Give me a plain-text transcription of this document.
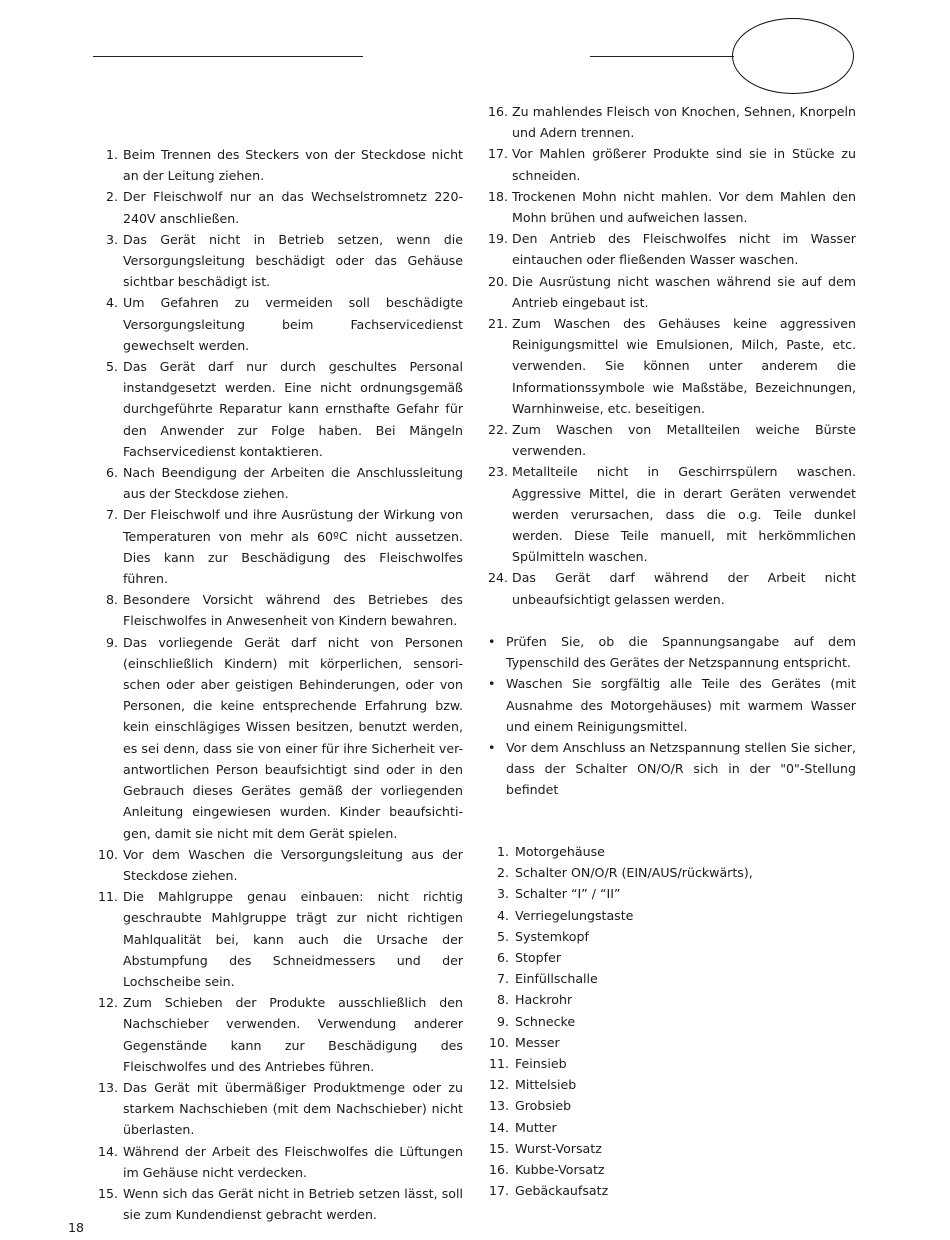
1. Beim Trennen des Steckers von der Steckdose nicht an der Leitung ziehen.
2. Der Fleischwolf nur an das Wechselstromnetz 220-240V anschließen.
3. Das Gerät nicht in Betrieb setzen, wenn die Versorgungsleitung beschädigt oder das Gehäuse sichtbar beschädigt ist.
4. Um Gefahren zu vermeiden soll beschädigte Versorgungsleitung beim Fachservicedienst gewechselt werden.
5. Das Gerät darf nur durch geschultes Personal instandgesetzt werden. Eine nicht ordnungsgemäß durchgeführte Reparatur kann ernsthafte Gefahr für den Anwender zur Folge haben. Bei Mängeln Fachservicedienst kontaktieren.
6. Nach Beendigung der Arbeiten die Anschlussleitung aus der Steckdose ziehen.
7. Der Fleischwolf und ihre Ausrüstung der Wirkung von Temperaturen von mehr als 60ºC nicht aussetzen. Dies kann zur Beschädigung des Fleischwolfes führen.
8. Besondere Vorsicht während des Betriebes des Fleischwolfes in Anwesenheit von Kindern bewahren.
9. Das vorliegende Gerät darf nicht von Personen (einschließlich Kindern) mit körperlichen, sensori-schen oder aber geistigen Behinderungen, oder von Personen, die keine entsprechende Erfahrung bzw. kein einschlägiges Wissen besitzen, benutzt werden, es sei denn, dass sie von einer für ihre Sicherheit ver-antwortlichen Person beaufsichtigt sind oder in den Gebrauch dieses Gerätes gemäß der vorliegenden Anleitung eingewiesen wurden. Kinder beaufsichti-gen, damit sie nicht mit dem Gerät spielen.
10. Vor dem Waschen die Versorgungsleitung aus der Steckdose ziehen.
11. Die Mahlgruppe genau einbauen: nicht richtig geschraubte Mahlgruppe trägt zur nicht richtigen Mahlqualität bei, kann auch die Ursache der Abstumpfung des Schneidmessers und der Lochscheibe sein.
12. Zum Schieben der Produkte ausschließlich den Nachschieber verwenden. Verwendung anderer Gegenstände kann zur Beschädigung des Fleischwolfes und des Antriebes führen.
13. Das Gerät mit übermäßiger Produktmenge oder zu starkem Nachschieben (mit dem Nachschieber) nicht überlasten.
14. Während der Arbeit des Fleischwolfes die Lüftungen im Gehäuse nicht verdecken.
15. Wenn sich das Gerät nicht in Betrieb setzen lässt, soll sie zum Kundendienst gebracht werden.
16. Zu mahlendes Fleisch von Knochen, Sehnen, Knorpeln und Adern trennen.
17. Vor Mahlen größerer Produkte sind sie in Stücke zu schneiden.
18. Trockenen Mohn nicht mahlen. Vor dem Mahlen den Mohn brühen und aufweichen lassen.
19. Den Antrieb des Fleischwolfes nicht im Wasser eintauchen oder fließenden Wasser waschen.
20. Die Ausrüstung nicht waschen während sie auf dem Antrieb eingebaut ist.
21. Zum Waschen des Gehäuses keine aggressiven Reinigungsmittel wie Emulsionen, Milch, Paste, etc. verwenden. Sie können unter anderem die Informationssymbole wie Maßstäbe, Bezeichnungen, Warnhinweise, etc. beseitigen.
22. Zum Waschen von Metallteilen weiche Bürste verwenden.
23. Metallteile nicht in Geschirrspülern waschen. Aggressive Mittel, die in derart Geräten verwendet werden verursachen, dass die o.g. Teile dunkel werden. Diese Teile manuell, mit herkömmlichen Spülmitteln waschen.
24. Das Gerät darf während der Arbeit nicht unbeaufsichtigt gelassen werden.
• Prüfen Sie, ob die Spannungsangabe auf dem Typenschild des Gerätes der Netzspannung entspricht.
• Waschen Sie sorgfältig alle Teile des Gerätes (mit Ausnahme des Motorgehäuses) mit warmem Wasser und einem Reinigungsmittel.
• Vor dem Anschluss an Netzspannung stellen Sie sicher, dass der Schalter ON/O/R sich in der "0"-Stellung befindet
1. Motorgehäuse
2. Schalter ON/O/R (EIN/AUS/rückwärts),
3. Schalter “I” / “II”
4. Verriegelungstaste
5. Systemkopf
6. Stopfer
7. Einfüllschalle
8. Hackrohr
9. Schnecke
10. Messer
11. Feinsieb
12. Mittelsieb
13. Grobsieb
14. Mutter
15. Wurst-Vorsatz
16. Kubbe-Vorsatz
17. Gebäckaufsatz
18
